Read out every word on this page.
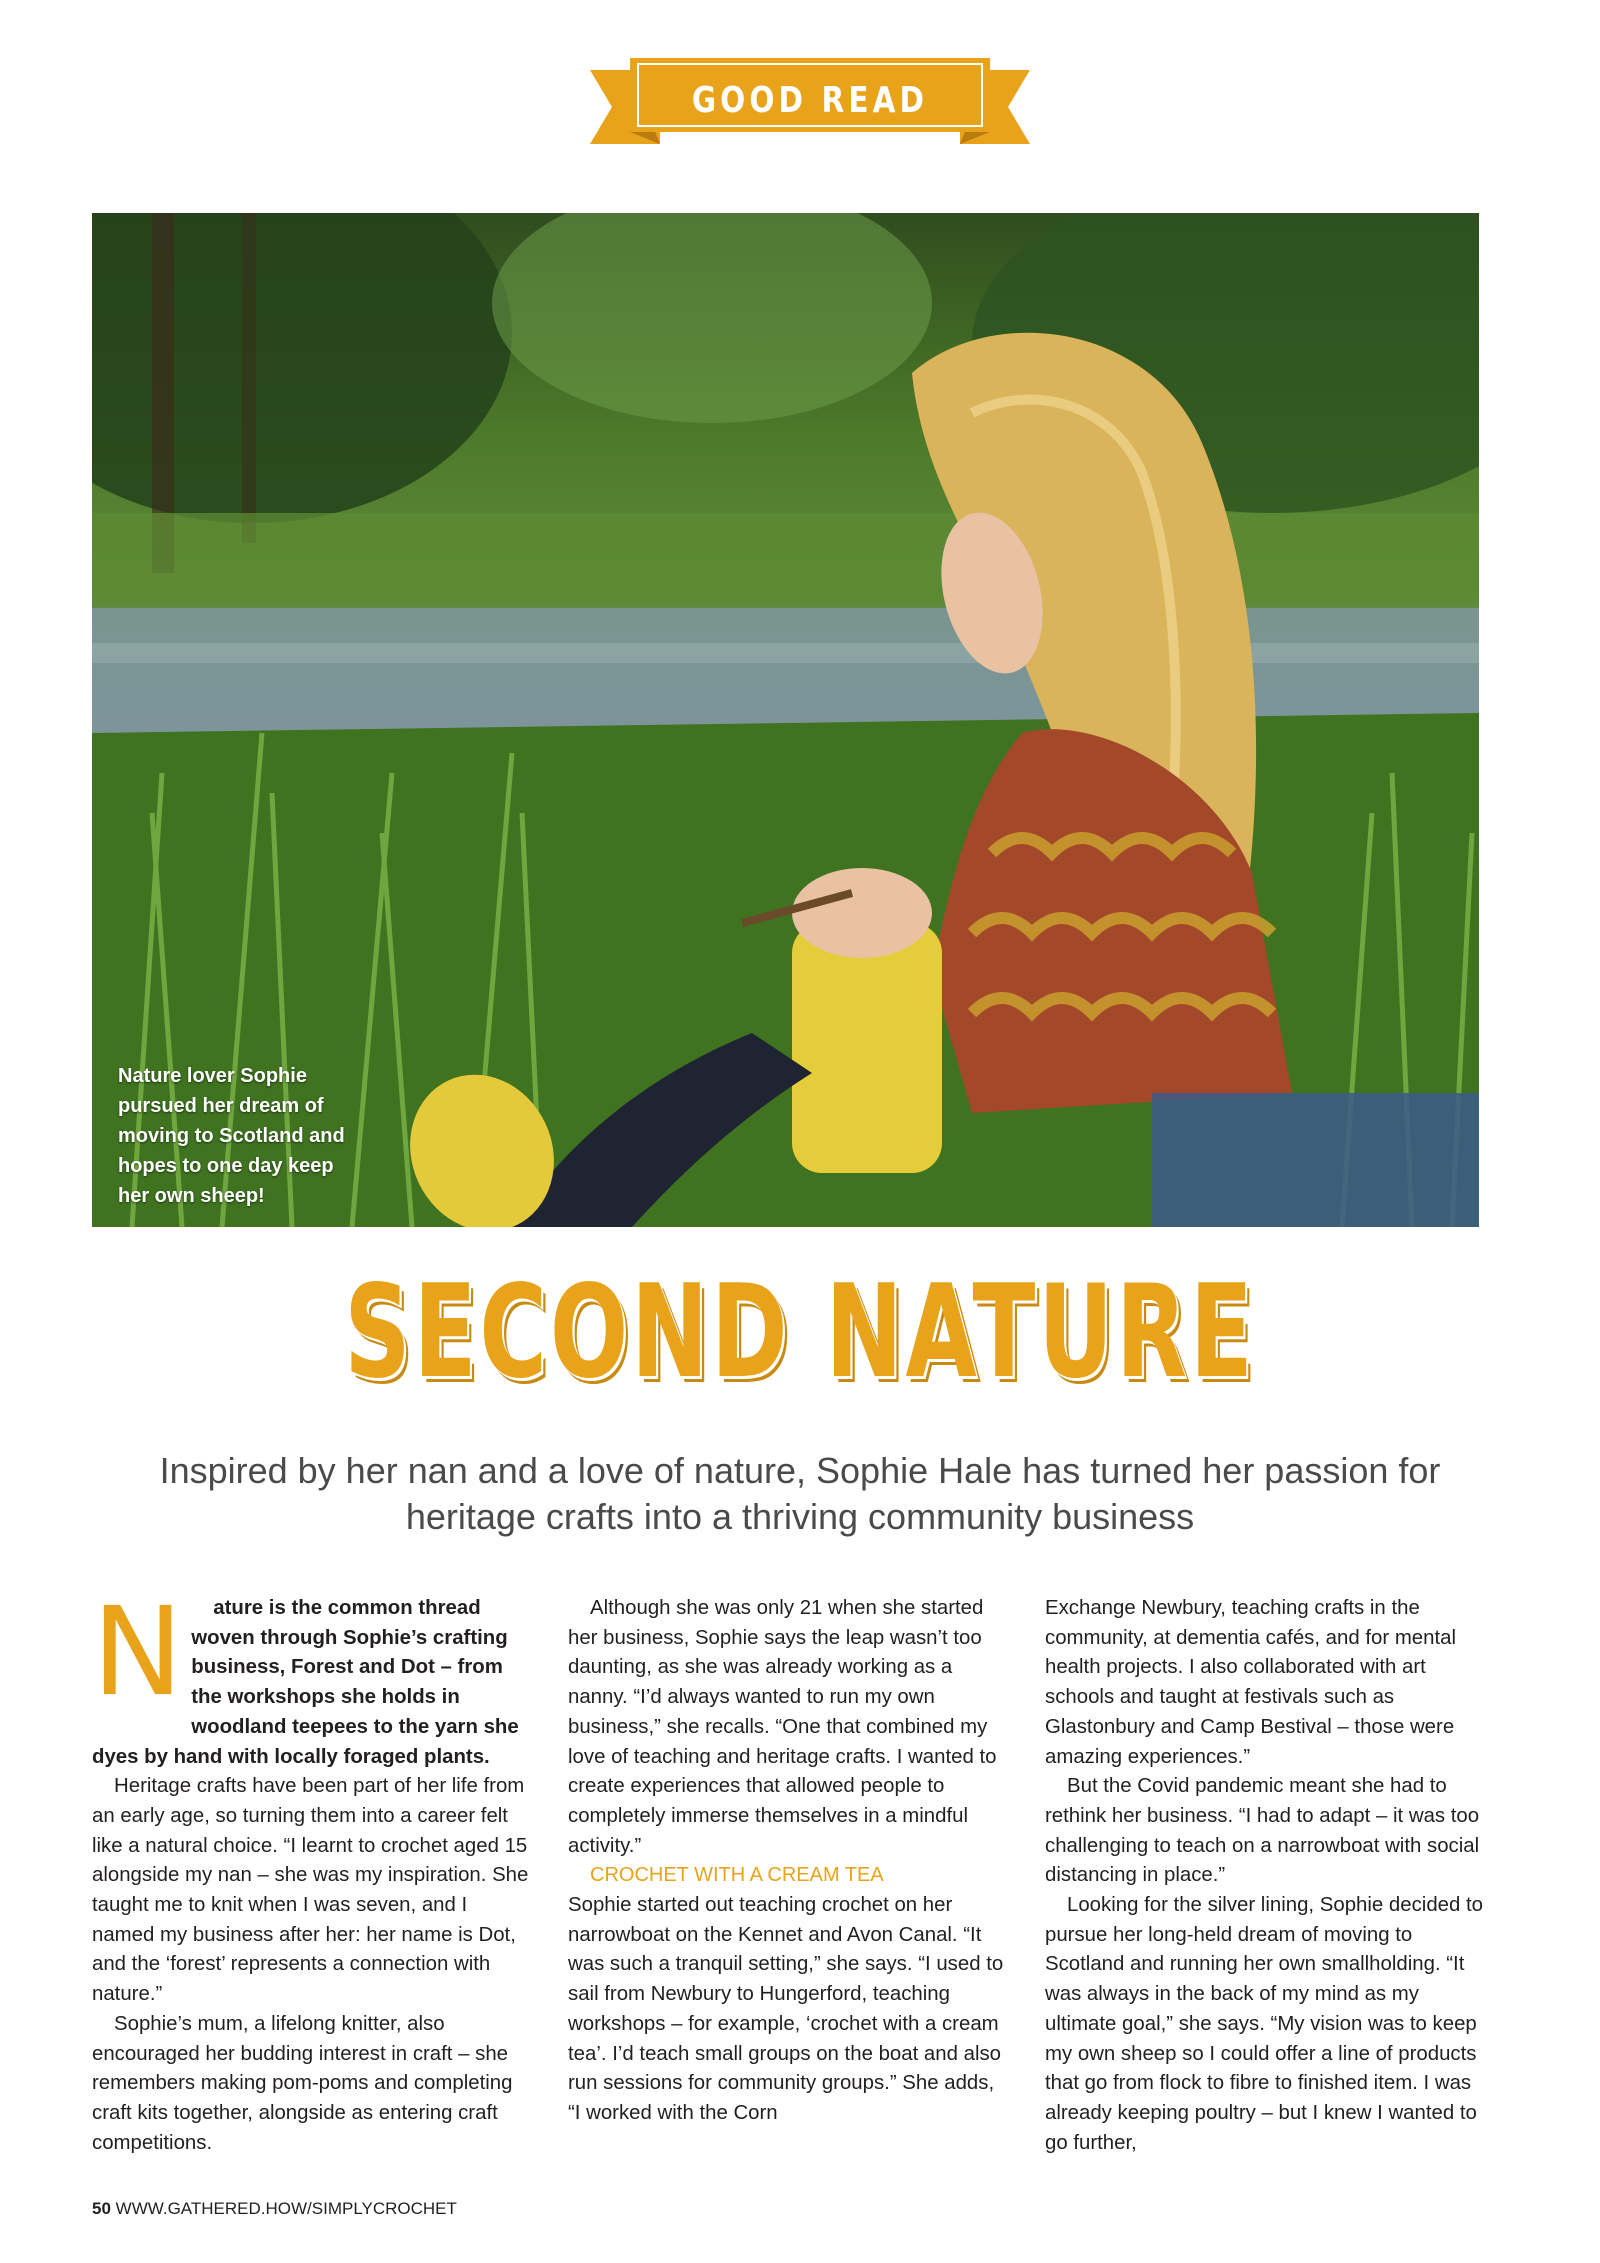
GOOD READ
Nature lover Sophie pursued her dream of moving to Scotland and hopes to one day keep her own sheep!
SECOND NATURE
Inspired by her nan and a love of nature, Sophie Hale has turned her passion for heritage crafts into a thriving community business
N	ature is the common thread woven through Sophie’s crafting business, Forest and Dot – from the workshops she holds in woodland teepees to the yarn she dyes by hand with locally foraged plants.

Heritage crafts have been part of her life from an early age, so turning them into a career felt like a natural choice. “I learnt to crochet aged 15 alongside my nan – she was my inspiration. She taught me to knit when I was seven, and I named my business after her: her name is Dot, and the ‘forest’ represents a connection with nature.”

Sophie’s mum, a lifelong knitter, also encouraged her budding interest in craft – she remembers making pom-poms and completing craft kits together, alongside as entering craft competitions.

Although she was only 21 when she started her business, Sophie says the leap wasn’t too daunting, as she was already working as a nanny. “I’d always wanted to run my own business,” she recalls. “One that combined my love of teaching and heritage crafts. I wanted to create experiences that allowed people to completely immerse themselves in a mindful activity.”

CROCHET WITH A CREAM TEA

Sophie started out teaching crochet on her narrowboat on the Kennet and Avon Canal. “It was such a tranquil setting,” she says. “I used to sail from Newbury to Hungerford, teaching workshops – for example, ‘crochet with a cream tea’. I’d teach small groups on the boat and also run sessions for community groups.” She adds, “I worked with the Corn

Exchange Newbury, teaching crafts in the community, at dementia cafés, and for mental health projects. I also collaborated with art schools and taught at festivals such as Glastonbury and Camp Bestival – those were amazing experiences.”

But the Covid pandemic meant she had to rethink her business. “I had to adapt – it was too challenging to teach on a narrowboat with social distancing in place.”

Looking for the silver lining, Sophie decided to pursue her long-held dream of moving to Scotland and running her own smallholding. “It was always in the back of my mind as my ultimate goal,” she says. “My vision was to keep my own sheep so I could offer a line of products that go from flock to fibre to finished item. I was already keeping poultry – but I knew I wanted to go further,

50 WWW.GATHERED.HOW/SIMPLYCROCHET
